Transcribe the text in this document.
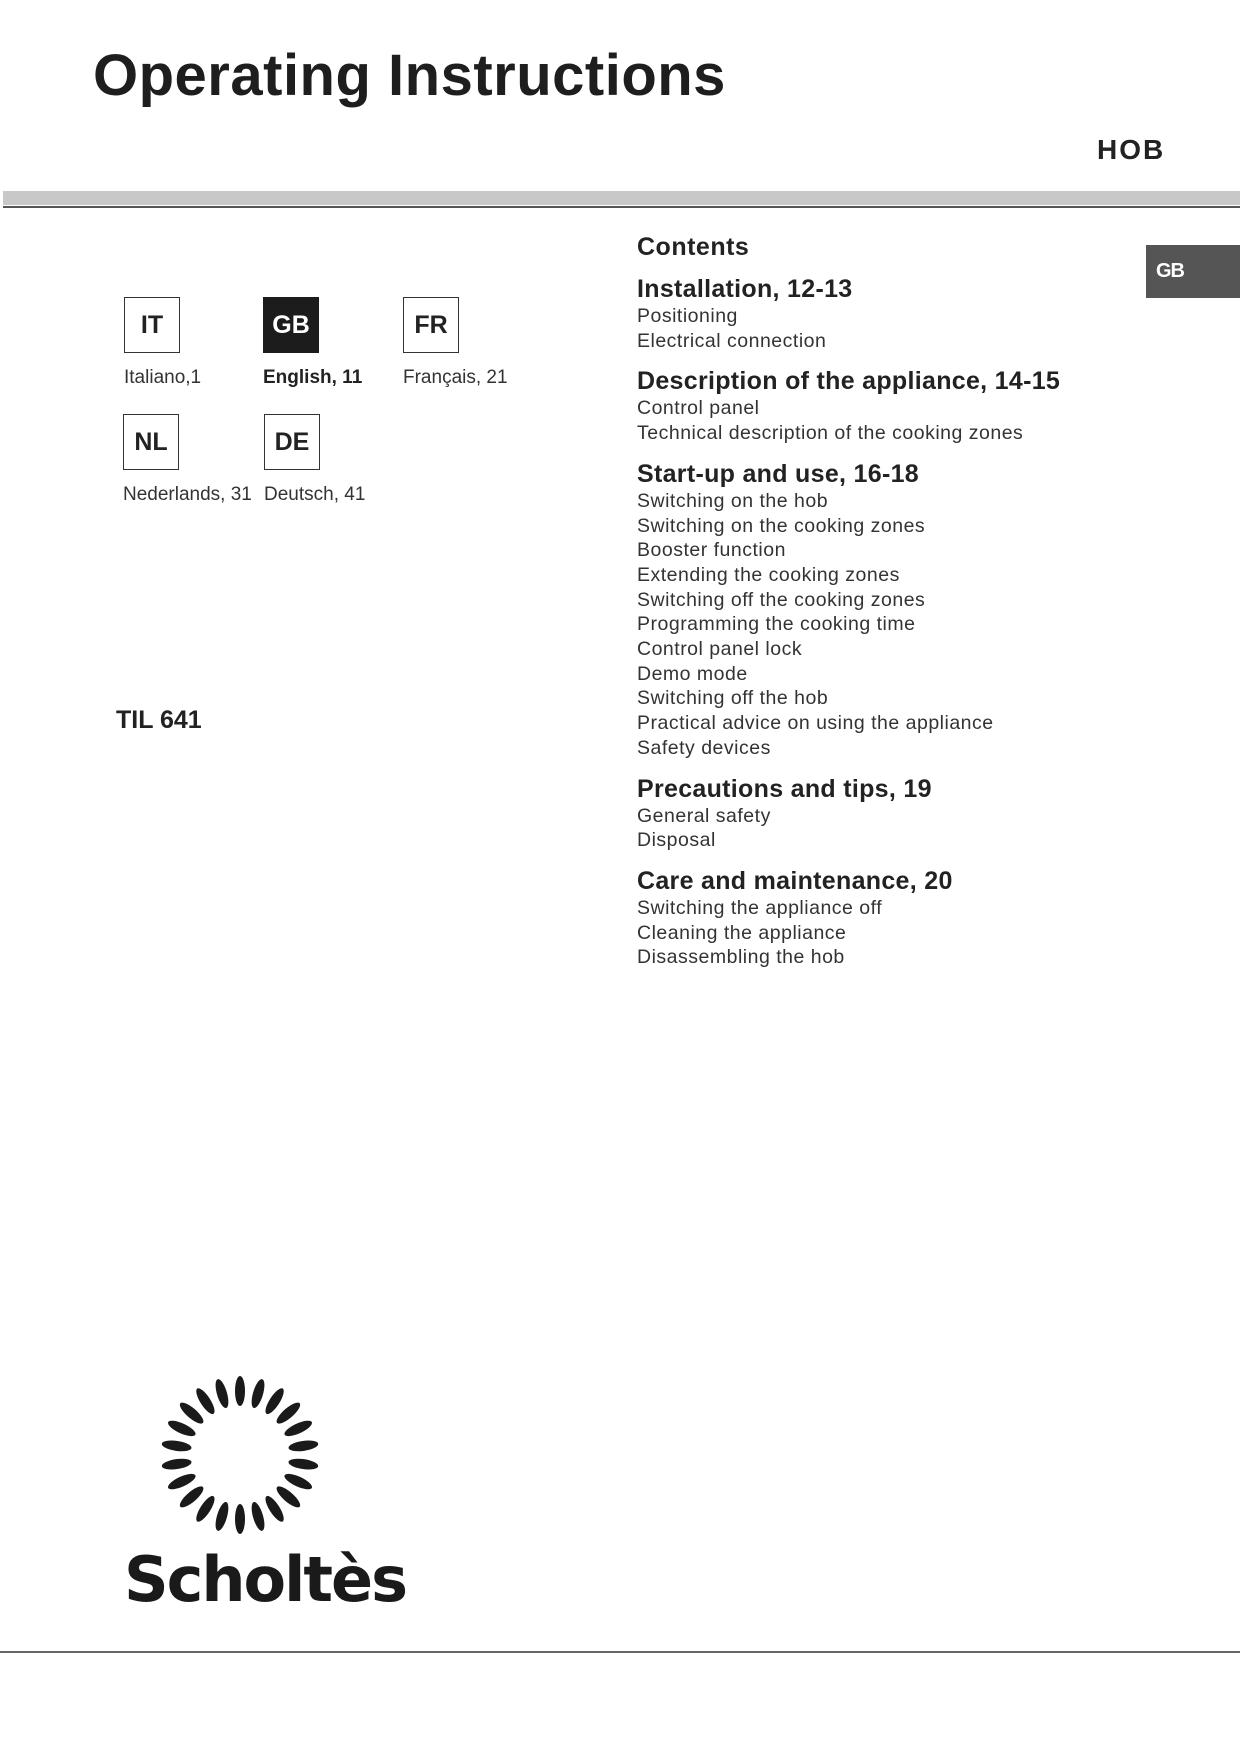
Operating Instructions
HOB
GB
IT
Italiano,1
GB
English, 11
FR
Français, 21
NL
Nederlands, 31
DE
Deutsch, 41
TIL 641
Contents
Installation, 12-13
Positioning
Electrical connection
Description of the appliance, 14-15
Control panel
Technical description of the cooking zones
Start-up and use, 16-18
Switching on the hob
Switching on the cooking zones
Booster function
Extending the cooking zones
Switching off the cooking zones
Programming the cooking time
Control panel lock
Demo mode
Switching off the hob
Practical advice on using the appliance
Safety devices
Precautions and tips, 19
General safety
Disposal
Care and maintenance, 20
Switching the appliance off
Cleaning the appliance
Disassembling the hob
Scholtès
